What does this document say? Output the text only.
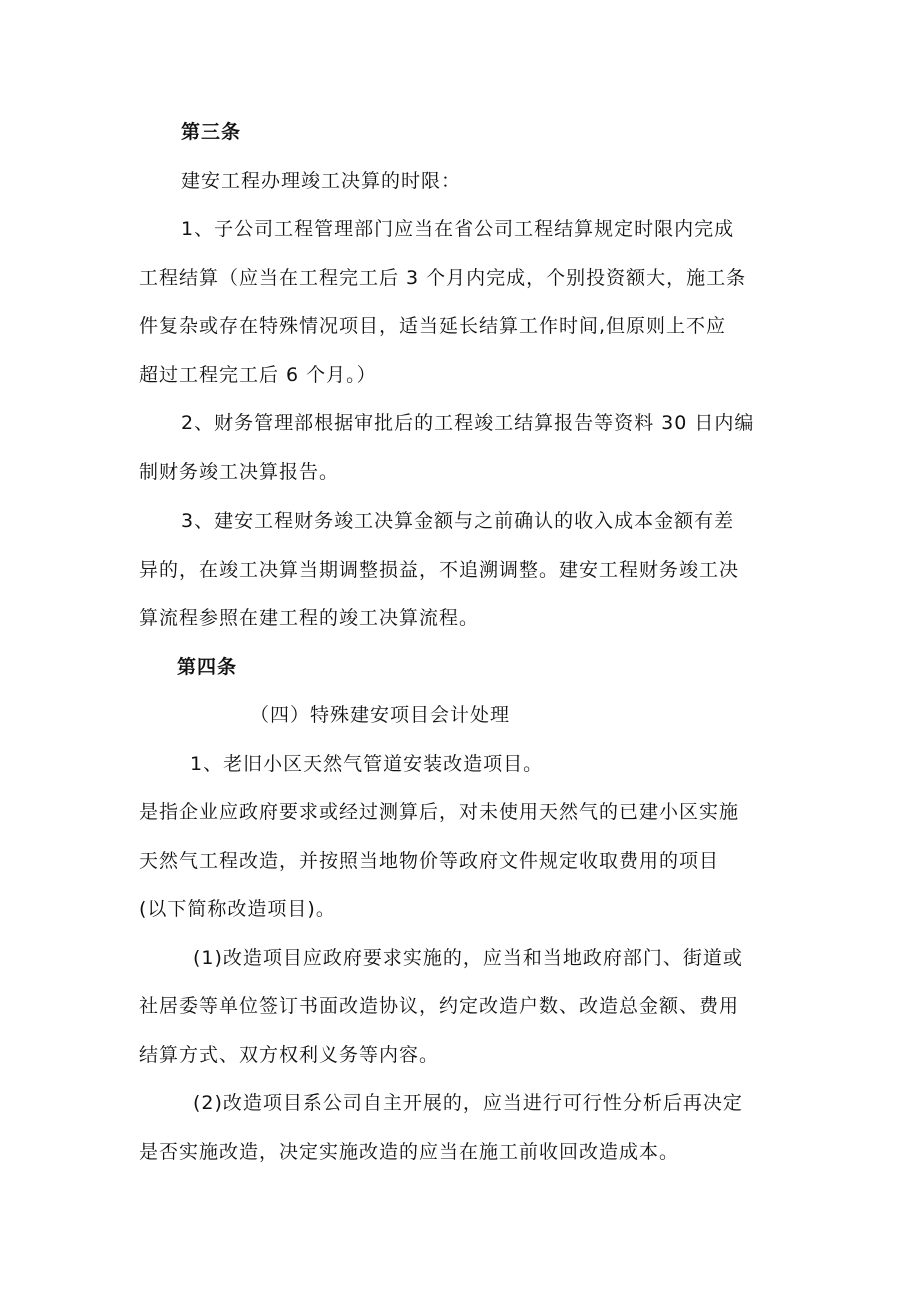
第三条
建安工程办理竣工决算的时限：
1、子公司工程管理部门应当在省公司工程结算规定时限内完成
工程结算（应当在工程完工后 3 个月内完成，个别投资额大，施工条
件复杂或存在特殊情况项目，适当延长结算工作时间,但原则上不应
超过工程完工后 6 个月。）
2、财务管理部根据审批后的工程竣工结算报告等资料 30 日内编
制财务竣工决算报告。
3、建安工程财务竣工决算金额与之前确认的收入成本金额有差
异的，在竣工决算当期调整损益，不追溯调整。建安工程财务竣工决
算流程参照在建工程的竣工决算流程。
第四条
（四）特殊建安项目会计处理
1、老旧小区天然气管道安装改造项目。
是指企业应政府要求或经过测算后，对未使用天然气的已建小区实施
天然气工程改造，并按照当地物价等政府文件规定收取费用的项目
(以下简称改造项目)。
(1)改造项目应政府要求实施的，应当和当地政府部门、街道或
社居委等单位签订书面改造协议，约定改造户数、改造总金额、费用
结算方式、双方权利义务等内容。
(2)改造项目系公司自主开展的，应当进行可行性分析后再决定
是否实施改造，决定实施改造的应当在施工前收回改造成本。
